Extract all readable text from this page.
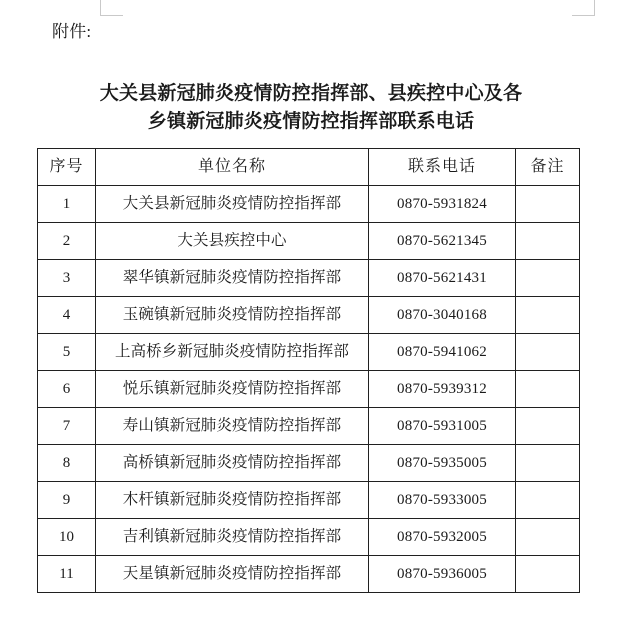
附件:
大关县新冠肺炎疫情防控指挥部、县疾控中心及各
乡镇新冠肺炎疫情防控指挥部联系电话
序号	单位名称	联系电话	备注
1	大关县新冠肺炎疫情防控指挥部	0870-5931824	
2	大关县疾控中心	0870-5621345	
3	翠华镇新冠肺炎疫情防控指挥部	0870-5621431	
4	玉碗镇新冠肺炎疫情防控指挥部	0870-3040168	
5	上高桥乡新冠肺炎疫情防控指挥部	0870-5941062	
6	悦乐镇新冠肺炎疫情防控指挥部	0870-5939312	
7	寿山镇新冠肺炎疫情防控指挥部	0870-5931005	
8	高桥镇新冠肺炎疫情防控指挥部	0870-5935005	
9	木杆镇新冠肺炎疫情防控指挥部	0870-5933005	
10	吉利镇新冠肺炎疫情防控指挥部	0870-5932005	
11	天星镇新冠肺炎疫情防控指挥部	0870-5936005	
